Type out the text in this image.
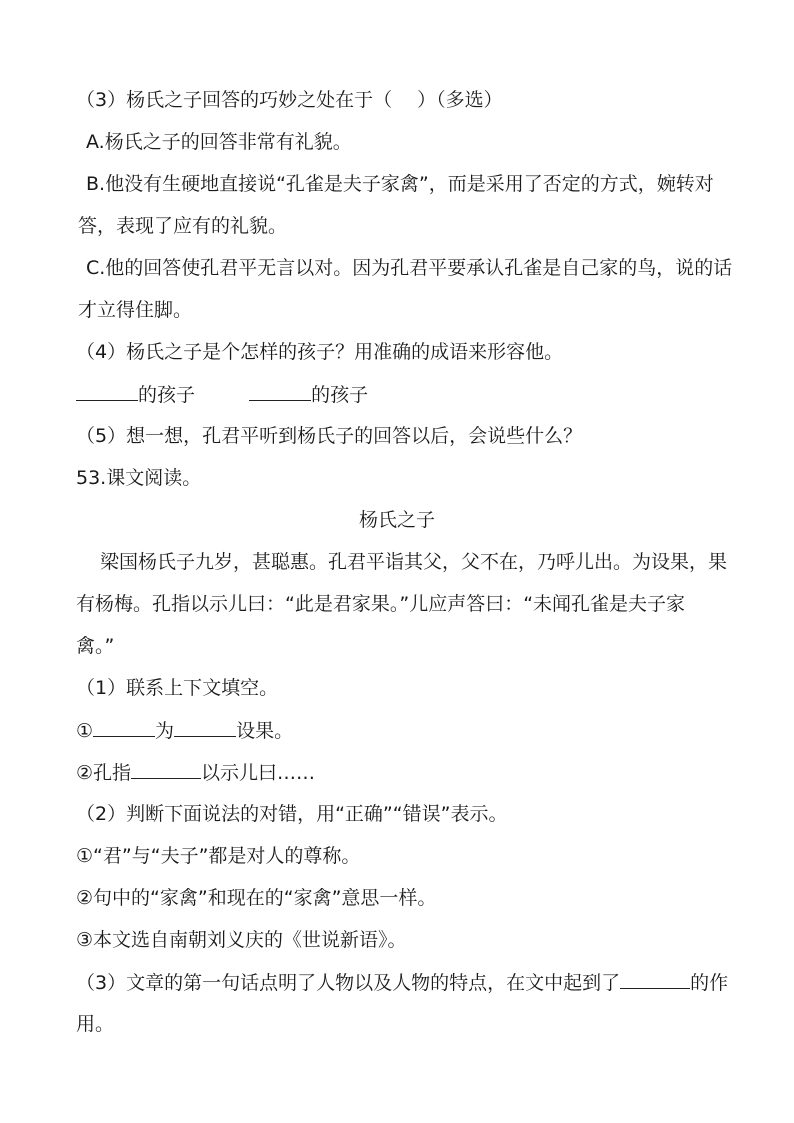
（3）杨氏之子回答的巧妙之处在于（　 ）（多选）
A.杨氏之子的回答非常有礼貌。
B.他没有生硬地直接说“孔雀是夫子家禽”，而是采用了否定的方式，婉转对
答，表现了应有的礼貌。
C.他的回答使孔君平无言以对。因为孔君平要承认孔雀是自己家的鸟，说的话
才立得住脚。
（4）杨氏之子是个怎样的孩子？用准确的成语来形容他。
的孩子	的孩子
（5）想一想，孔君平听到杨氏子的回答以后，会说些什么？
53.课文阅读。
杨氏之子
梁国杨氏子九岁，甚聪惠。孔君平诣其父，父不在，乃呼儿出。为设果，果
有杨梅。孔指以示儿曰：“此是君家果。”儿应声答曰：“未闻孔雀是夫子家
禽。”
（1）联系上下文填空。
①	为	设果。
②孔指	以示儿曰……
（2）判断下面说法的对错，用“正确”“错误”表示。
①“君”与“夫子”都是对人的尊称。
②句中的“家禽”和现在的“家禽”意思一样。
③本文选自南朝刘义庆的《世说新语》。
（3）文章的第一句话点明了人物以及人物的特点，在文中起到了	的作
用。
